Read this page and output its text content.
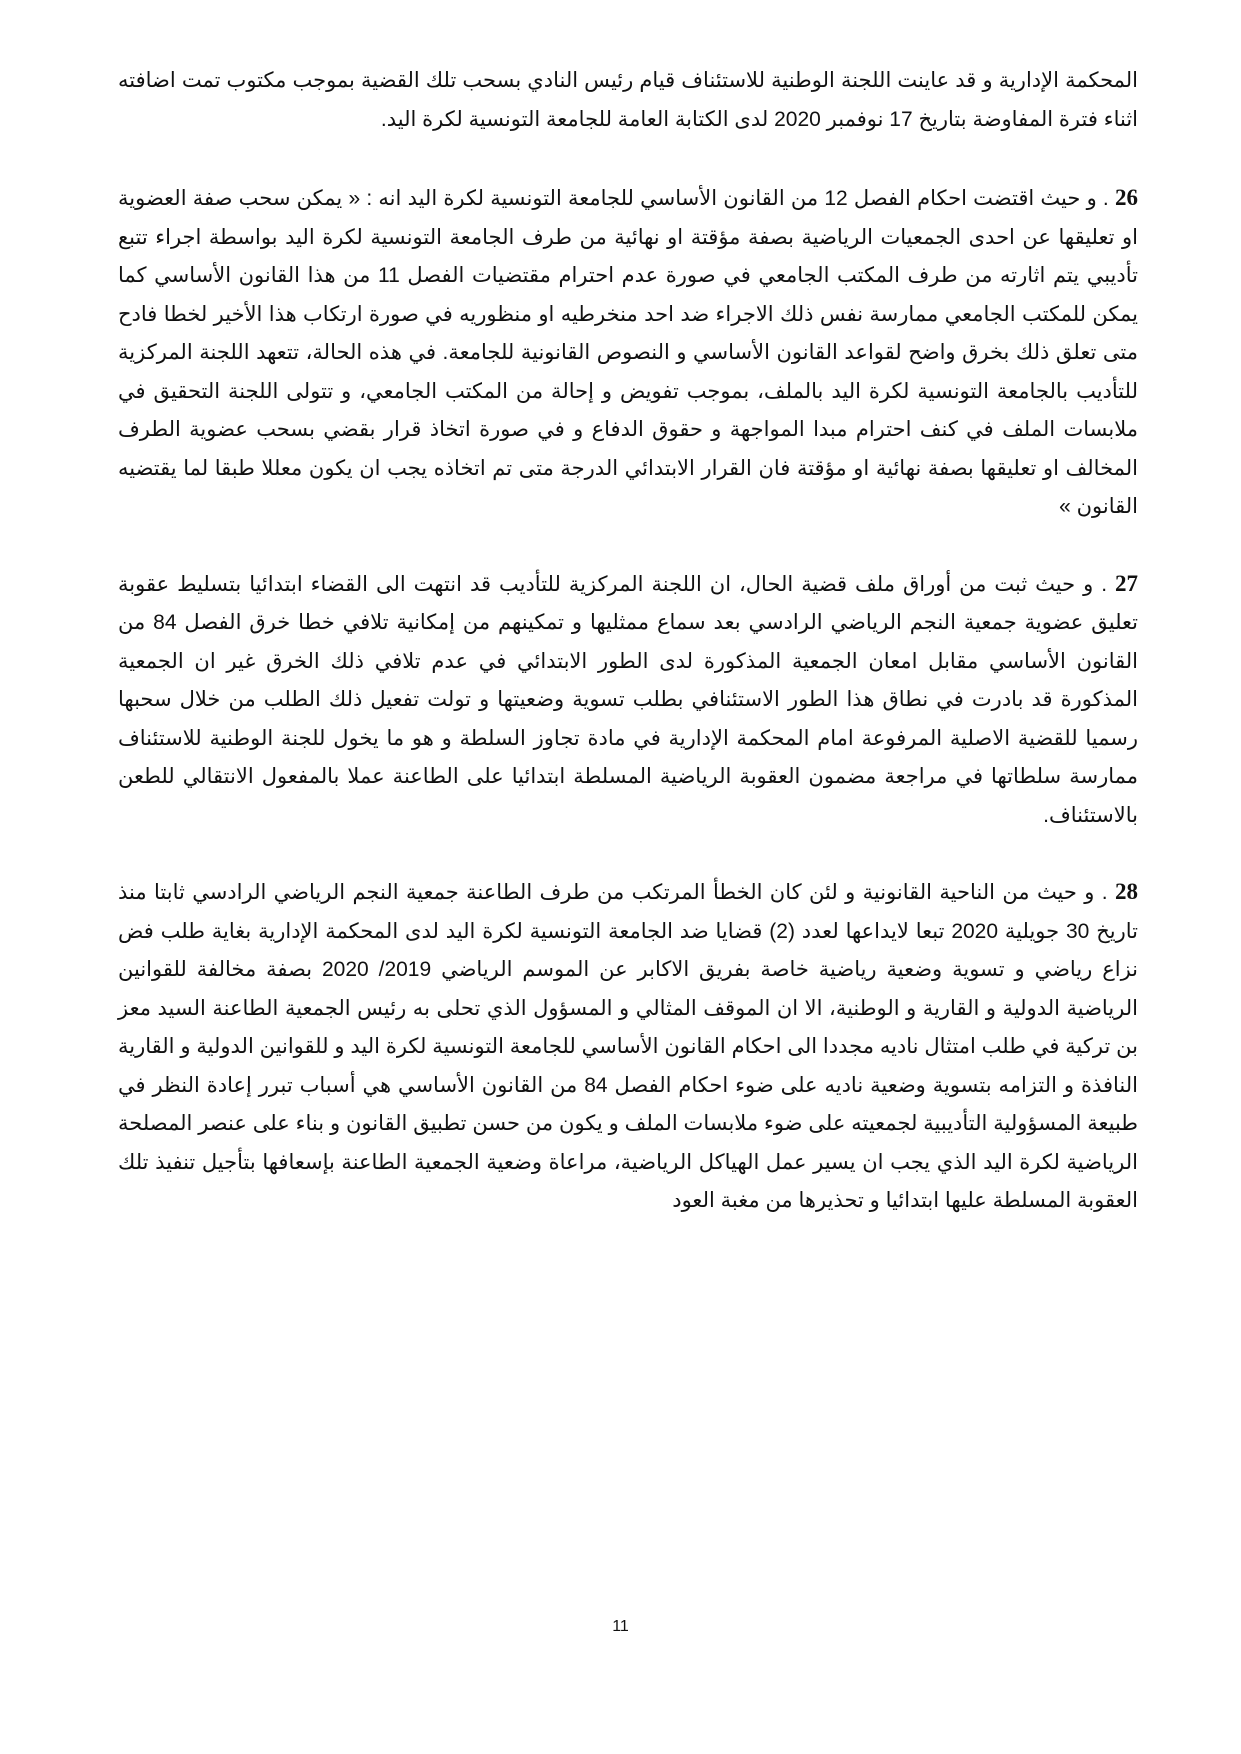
المحكمة الإدارية و قد عاينت اللجنة الوطنية للاستئناف قيام رئيس النادي بسحب تلك القضية بموجب مكتوب تمت اضافته اثناء فترة المفاوضة بتاريخ 17 نوفمبر 2020 لدى الكتابة العامة للجامعة التونسية لكرة اليد.

26 . و حيث اقتضت احكام الفصل 12 من القانون الأساسي للجامعة التونسية لكرة اليد انه : « يمكن سحب صفة العضوية او تعليقها عن احدى الجمعيات الرياضية بصفة مؤقتة او نهائية من طرف الجامعة التونسية لكرة اليد بواسطة اجراء تتبع تأديبي يتم اثارته من طرف المكتب الجامعي في صورة عدم احترام مقتضيات الفصل 11 من هذا القانون الأساسي كما يمكن للمكتب الجامعي ممارسة نفس ذلك الاجراء ضد احد منخرطيه او منظوريه في صورة ارتكاب هذا الأخير لخطا فادح متى تعلق ذلك بخرق واضح لقواعد القانون الأساسي و النصوص القانونية للجامعة. في هذه الحالة، تتعهد اللجنة المركزية للتأديب بالجامعة التونسية لكرة اليد بالملف، بموجب تفويض و إحالة من المكتب الجامعي، و تتولى اللجنة التحقيق في ملابسات الملف في كنف احترام مبدا المواجهة و حقوق الدفاع و في صورة اتخاذ قرار بقضي بسحب عضوية الطرف المخالف او تعليقها بصفة نهائية او مؤقتة فان القرار الابتدائي الدرجة متى تم اتخاذه يجب ان يكون معللا طبقا لما يقتضيه القانون »

27 . و حيث ثبت من أوراق ملف قضية الحال، ان اللجنة المركزية للتأديب قد انتهت الى القضاء ابتدائيا بتسليط عقوبة تعليق عضوية جمعية النجم الرياضي الرادسي بعد سماع ممثليها و تمكينهم من إمكانية تلافي خطا خرق الفصل 84 من القانون الأساسي مقابل امعان الجمعية المذكورة لدى الطور الابتدائي في عدم تلافي ذلك الخرق غير ان الجمعية المذكورة قد بادرت في نطاق هذا الطور الاستئنافي بطلب تسوية وضعيتها و تولت تفعيل ذلك الطلب من خلال سحبها رسميا للقضية الاصلية المرفوعة امام المحكمة الإدارية في مادة تجاوز السلطة و هو ما يخول للجنة الوطنية للاستئناف ممارسة سلطاتها في مراجعة مضمون العقوبة الرياضية المسلطة ابتدائيا على الطاعنة عملا بالمفعول الانتقالي للطعن بالاستئناف.

28 . و حيث من الناحية القانونية و لئن كان الخطأ المرتكب من طرف الطاعنة جمعية النجم الرياضي الرادسي ثابتا منذ تاريخ 30 جويلية 2020 تبعا لايداعها لعدد (2) قضايا ضد الجامعة التونسية لكرة اليد لدى المحكمة الإدارية بغاية طلب فض نزاع رياضي و تسوية وضعية رياضية خاصة بفريق الاكابر عن الموسم الرياضي 2019/ 2020 بصفة مخالفة للقوانين الرياضية الدولية و القارية و الوطنية، الا ان الموقف المثالي و المسؤول الذي تحلى به رئيس الجمعية الطاعنة السيد معز بن تركية في طلب امتثال ناديه مجددا الى احكام القانون الأساسي للجامعة التونسية لكرة اليد و للقوانين الدولية و القارية النافذة و التزامه بتسوية وضعية ناديه على ضوء احكام الفصل 84 من القانون الأساسي هي أسباب تبرر إعادة النظر في طبيعة المسؤولية التأديبية لجمعيته على ضوء ملابسات الملف و يكون من حسن تطبيق القانون و بناء على عنصر المصلحة الرياضية لكرة اليد الذي يجب ان يسير عمل الهياكل الرياضية، مراعاة وضعية الجمعية الطاعنة بإسعافها بتأجيل تنفيذ تلك العقوبة المسلطة عليها ابتدائيا و تحذيرها من مغبة العود

11
